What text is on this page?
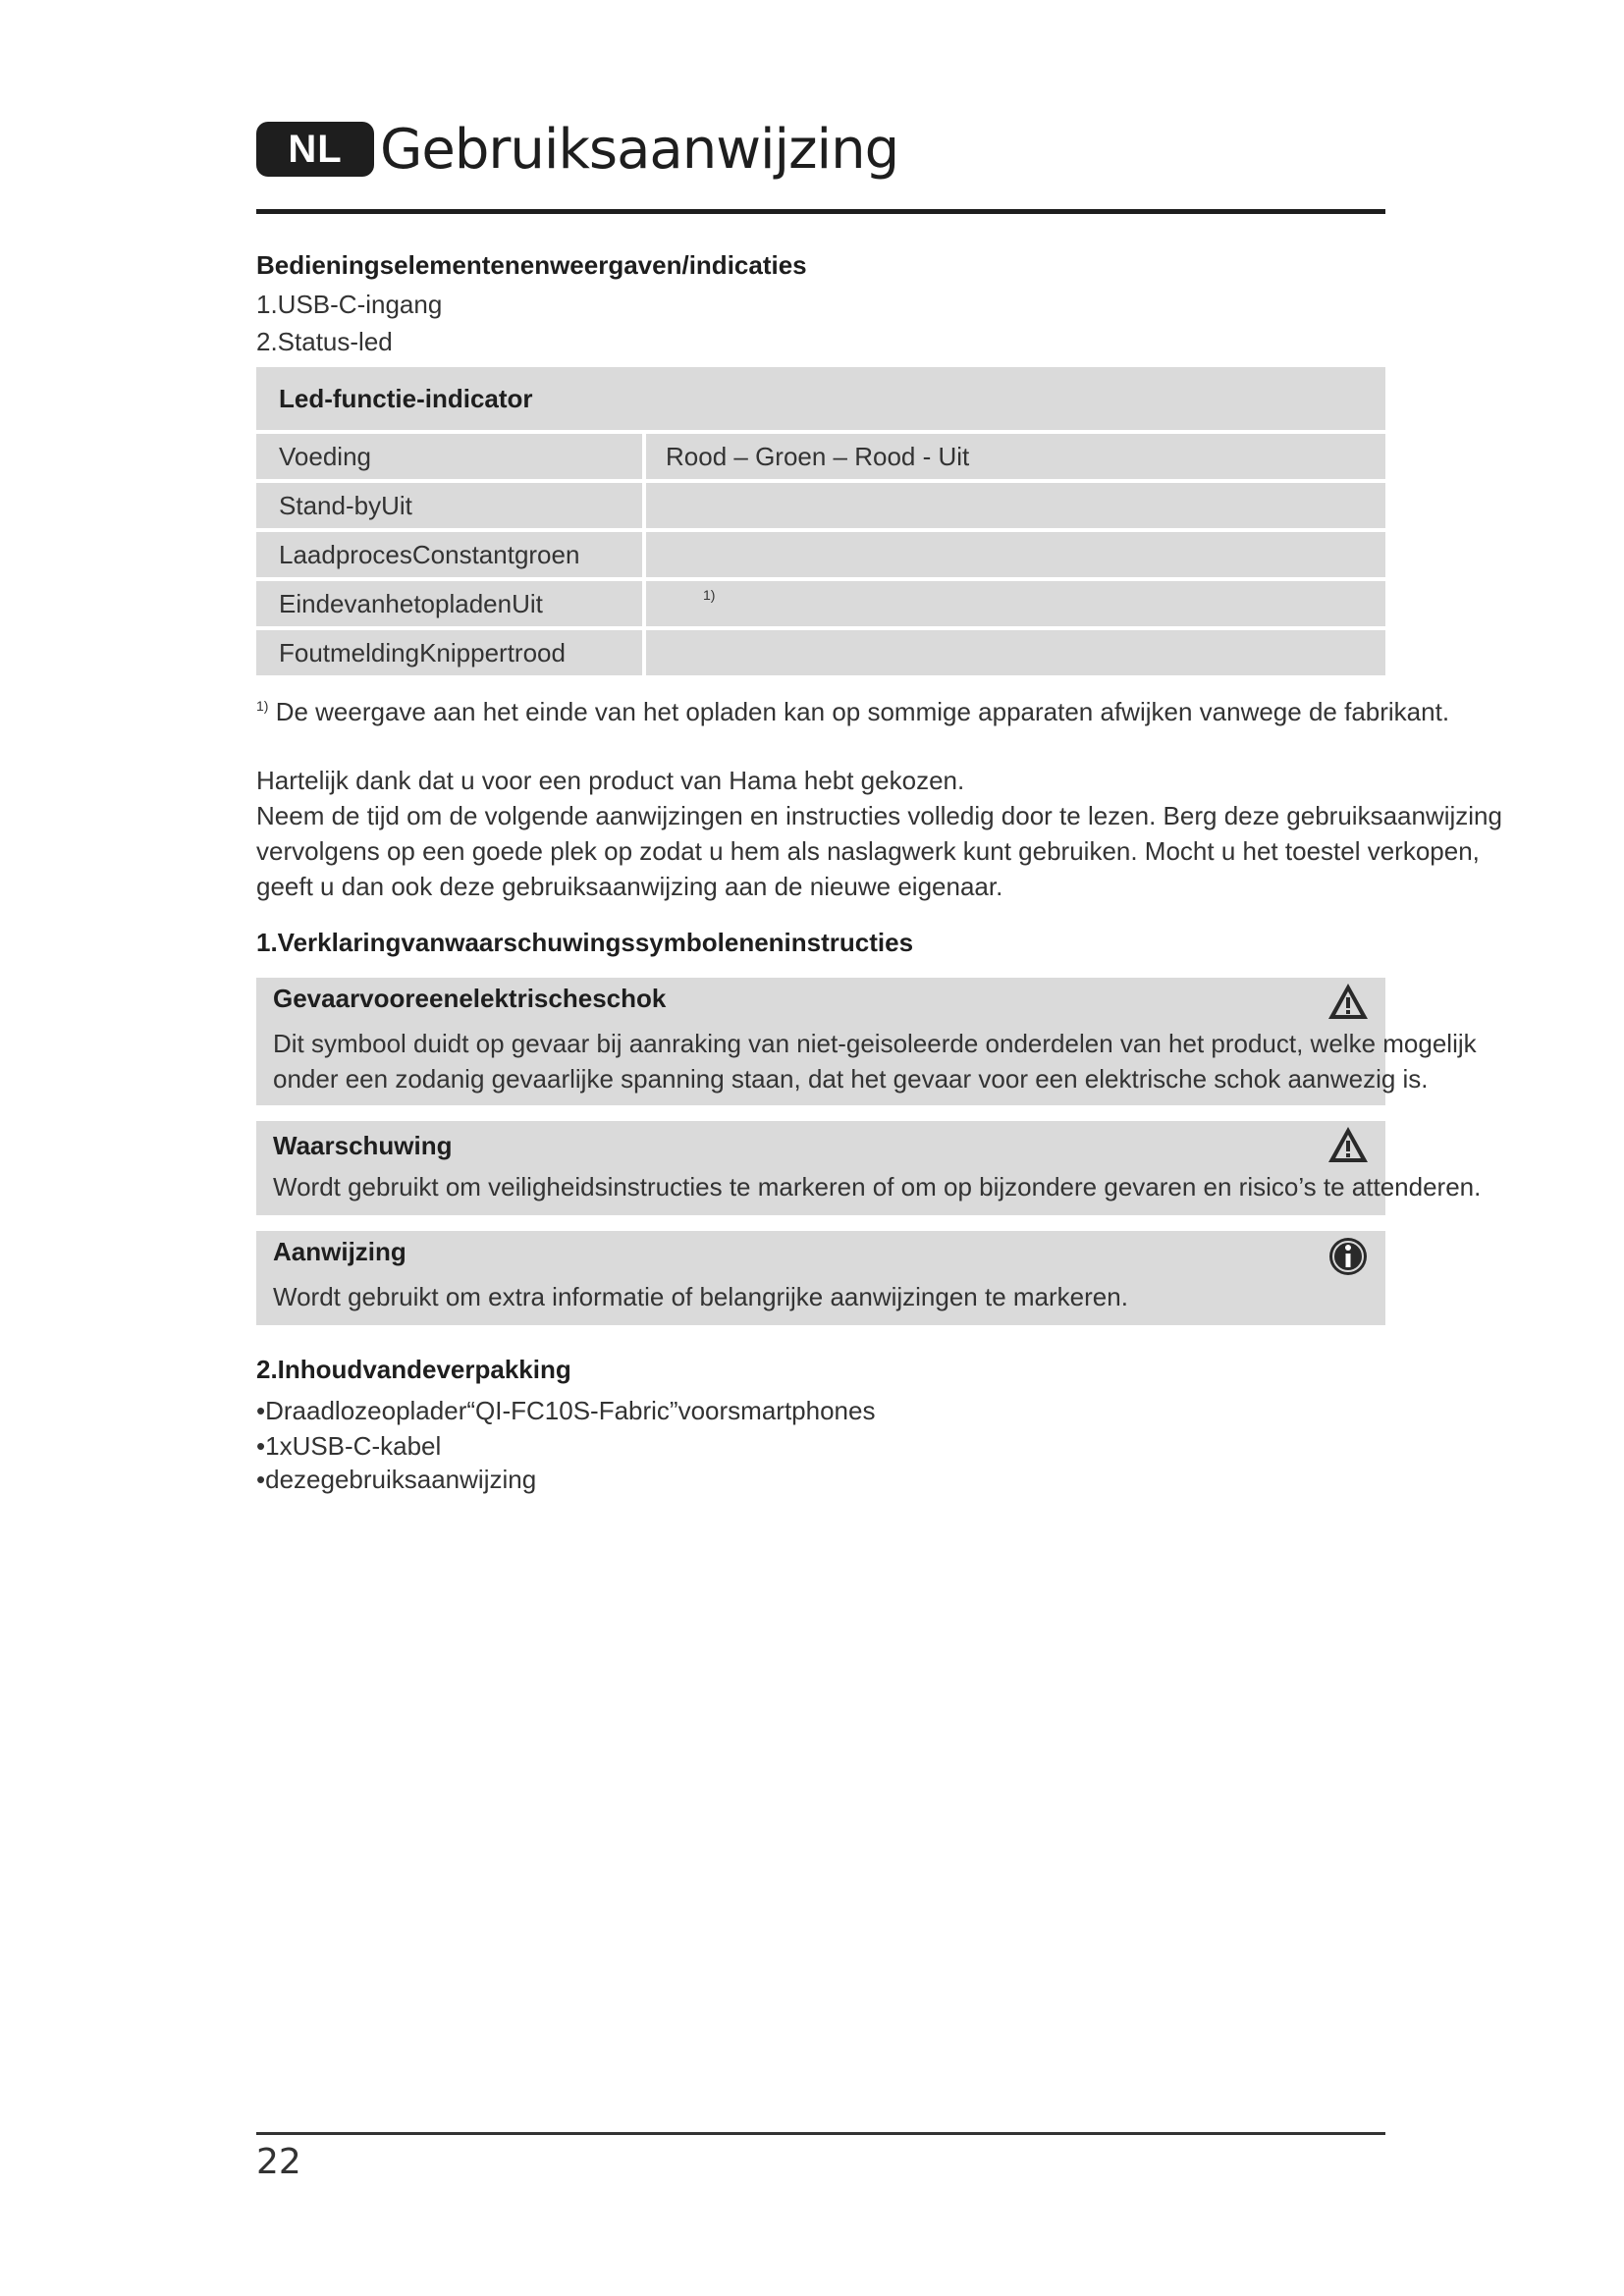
NL Gebruiksaanwijzing
Bedieningselementenenweergaven/indicaties
1.USB-C-ingang
2.Status-led
Led-functie-indicator
Voeding	Rood – Groen – Rood - Uit
Stand-byUit
LaadprocesConstantgroen
EindevanhetopladenUit	1)
FoutmeldingKnippertrood
$^{1)}$ De weergave aan het einde van het opladen kan op sommige apparaten afwijken vanwege de fabrikant.
Hartelijk dank dat u voor een product van Hama hebt gekozen.
Neem de tijd om de volgende aanwijzingen en instructies volledig door te lezen. Berg deze gebruiksaanwijzing
vervolgens op een goede plek op zodat u hem als naslagwerk kunt gebruiken. Mocht u het toestel verkopen,
geeft u dan ook deze gebruiksaanwijzing aan de nieuwe eigenaar.
1.Verklaringvanwaarschuwingssymboleneninstructies
Gevaarvooreenelektrischeschok
Dit symbool duidt op gevaar bij aanraking van niet-geisoleerde onderdelen van het product, welke mogelijk
onder een zodanig gevaarlijke spanning staan, dat het gevaar voor een elektrische schok aanwezig is.
Waarschuwing
Wordt gebruikt om veiligheidsinstructies te markeren of om op bijzondere gevaren en risico’s te attenderen.
Aanwijzing
Wordt gebruikt om extra informatie of belangrijke aanwijzingen te markeren.
2.Inhoudvandeverpakking
•Draadlozeoplader“QI-FC10S-Fabric”voorsmartphones
•1xUSB-C-kabel
•dezegebruiksaanwijzing
22
